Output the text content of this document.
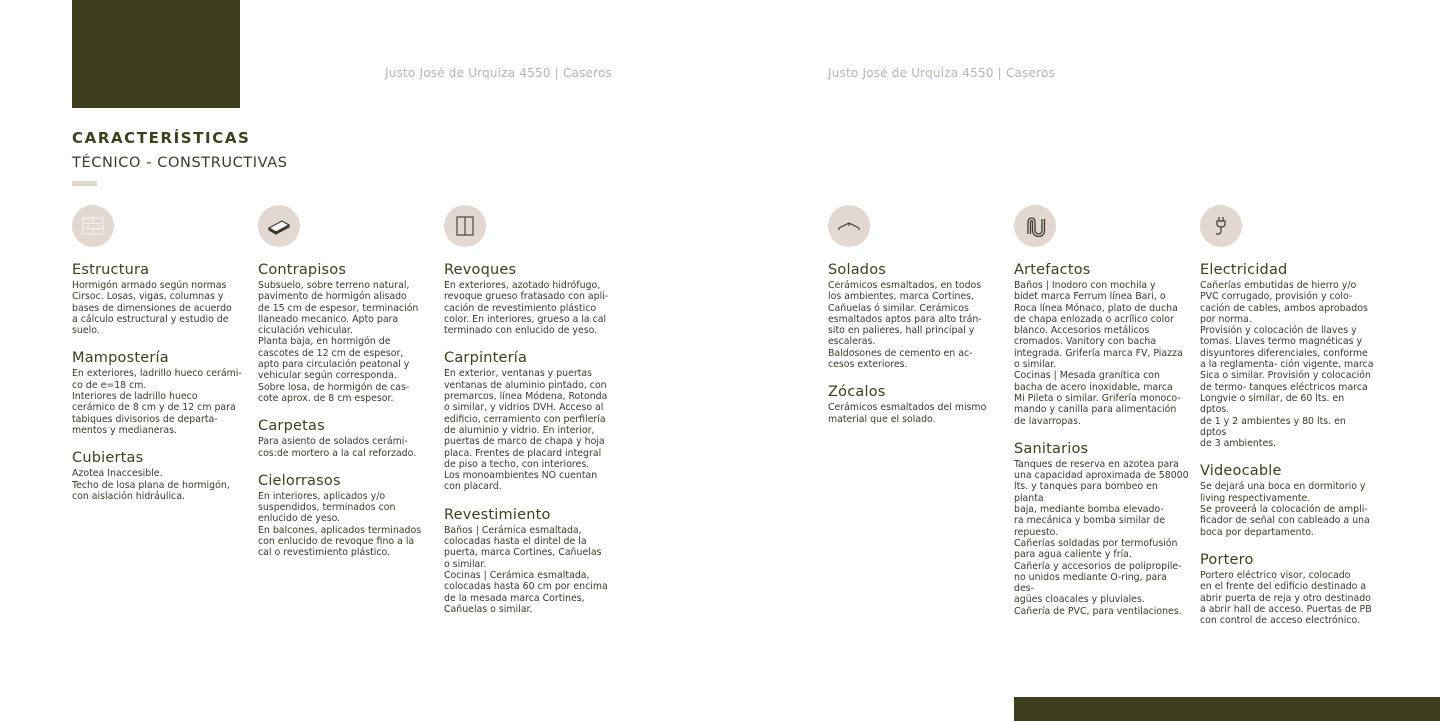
Justo José de Urquiza 4550 | Caseros	Justo José de Urquiza 4550 | Caseros
CARACTERÍSTICAS
TÉCNICO - CONSTRUCTIVAS
Estructura

Hormigón armado según normas
Cirsoc. Losas, vigas, columnas y
bases de dimensiones de acuerdo
a cálculo estructural y estudio de
suelo.

Mampostería

En exteriores, ladrillo hueco cerámi-
co de e=18 cm.
Interiores de ladrillo hueco
cerámico de 8 cm y de 12 cm para
tabiques divisorios de departa-
mentos y medianeras.

Cubiertas

Azotea Inaccesible.
Techo de losa plana de hormigón,
con aislación hidráulica.

Contrapisos

Subsuelo, sobre terreno natural,
pavimento de hormigón alisado
de 15 cm de espesor, terminación
llaneado mecanico. Apto para
ciculación vehicular.
Planta baja, en hormigón de
cascotes de 12 cm de espesor,
apto para circulación peatonal y
vehicular según corresponda.
Sobre losa, de hormigón de cas-
cote aprox. de 8 cm espesor.

Carpetas

Para asiento de solados cerámi-
cos:de mortero a la cal reforzado.

Cielorrasos

En interiores, aplicados y/o
suspendidos, terminados con
enlucido de yeso.
En balcones, aplicados terminados
con enlucido de revoque fino a la
cal o revestimiento plástico.

Revoques

En exteriores, azotado hidrófugo,
revoque grueso fratasado con apli-
cación de revestimiento plástico
color. En interiores, grueso a la cal
terminado con enlucido de yeso.

Carpintería

En exterior, ventanas y puertas
ventanas de aluminio pintado, con
premarcos, línea Módena, Rotonda
o similar, y vidrios DVH. Acceso al
edificio, cerramiento con perfilería
de aluminio y vidrio. En interior,
puertas de marco de chapa y hoja
placa. Frentes de placard integral
de piso a techo, con interiores.
Los monoambientes NO cuentan
con placard.

Revestimiento

Baños | Cerámica esmaltada,
colocadas hasta el dintel de la
puerta, marca Cortines, Cañuelas
o similar.
Cocinas | Cerámica esmaltada,
colocadas hasta 60 cm por encima
de la mesada marca Cortines,
Cañuelas o similar.

Solados

Cerámicos esmaltados, en todos
los ambientes, marca Cortines,
Cañuelas ó similar. Cerámicos
esmaltados aptos para alto trán-
sito en palieres, hall principal y
escaleras.
Baldosones de cemento en ac-
cesos exteriores.

Zócalos

Cerámicos esmaltados del mismo
material que el solado.

Artefactos

Baños | Inodoro con mochila y
bidet marca Ferrum línea Bari, o
Roca línea Mónaco, plato de ducha
de chapa enlozada o acrílico color
blanco. Accesorios metálicos
cromados. Vanitory con bacha
integrada. Grifería marca FV, Piazza
o similar.
Cocinas | Mesada granítica con
bacha de acero inoxidable, marca
Mi Pileta o similar. Grifería monoco-
mando y canilla para alimentación
de lavarropas.

Sanitarios

Tanques de reserva en azotea para
una capacidad aproximada de 58000
lts. y tanques para bombeo en planta
baja, mediante bomba elevado-
ra mecánica y bomba similar de
repuesto.
Cañerías soldadas por termofusión
para agua caliente y fría.
Cañería y accesorios de polipropile-
no unidos mediante O-ring, para des-
agües cloacales y pluviales.
Cañería de PVC, para ventilaciones.

Electricidad

Cañerías embutidas de hierro y/o
PVC corrugado, provisión y colo-
cación de cables, ambos aprobados
por norma.
Provisión y colocación de llaves y
tomas. Llaves termo magnéticas y
disyuntores diferenciales, conforme
a la reglamenta- ción vigente, marca
Sica o similar. Provisión y colocación
de termo- tanques eléctricos marca
Longvie o similar, de 60 lts. en dptos.
de 1 y 2 ambientes y 80 lts. en dptos
de 3 ambientes.

Videocable

Se dejará una boca en dormitorio y
living respectivamente.
Se proveerá la colocación de ampli-
ficador de señal con cableado a una
boca por departamento.

Portero

Portero eléctrico visor, colocado
en el frente del edificio destinado a
abrir puerta de reja y otro destinado
a abrir hall de acceso. Puertas de PB
con control de acceso electrónico.
